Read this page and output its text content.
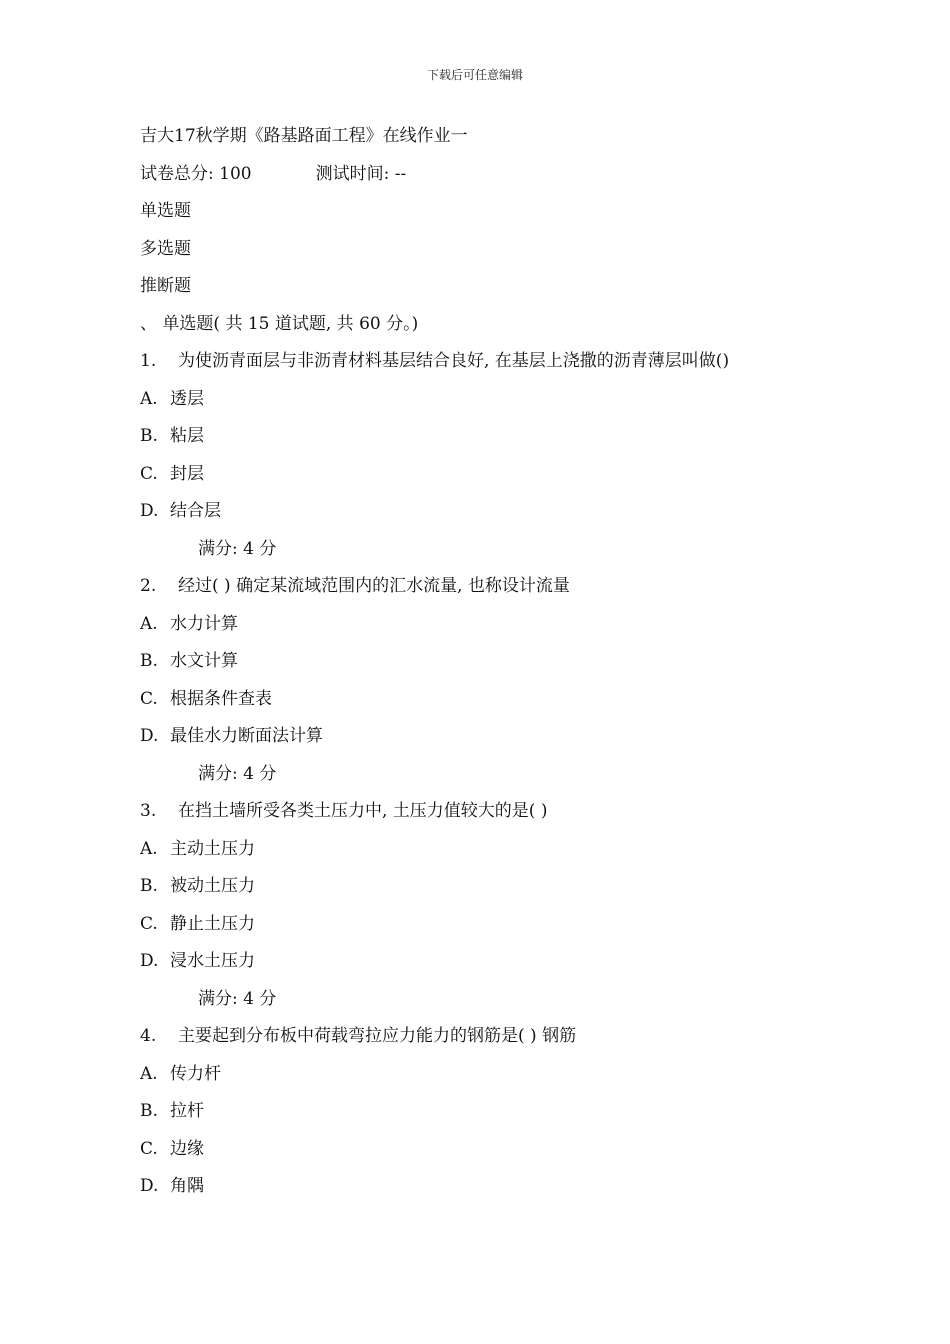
下载后可任意编辑
吉大17秋学期《路基路面工程》在线作业一
试卷总分: 100	测试时间: --
单选题
多选题
推断题
、 单选题( 共 15 道试题, 共 60 分。)
1. 为使沥青面层与非沥青材料基层结合良好, 在基层上浇撒的沥青薄层叫做()
A. 透层
B. 粘层
C. 封层
D. 结合层
满分: 4 分
2. 经过( ) 确定某流域范围内的汇水流量, 也称设计流量
A. 水力计算
B. 水文计算
C. 根据条件查表
D. 最佳水力断面法计算
满分: 4 分
3. 在挡土墙所受各类土压力中, 土压力值较大的是( )
A. 主动土压力
B. 被动土压力
C. 静止土压力
D. 浸水土压力
满分: 4 分
4. 主要起到分布板中荷载弯拉应力能力的钢筋是( ) 钢筋
A. 传力杆
B. 拉杆
C. 边缘
D. 角隅
